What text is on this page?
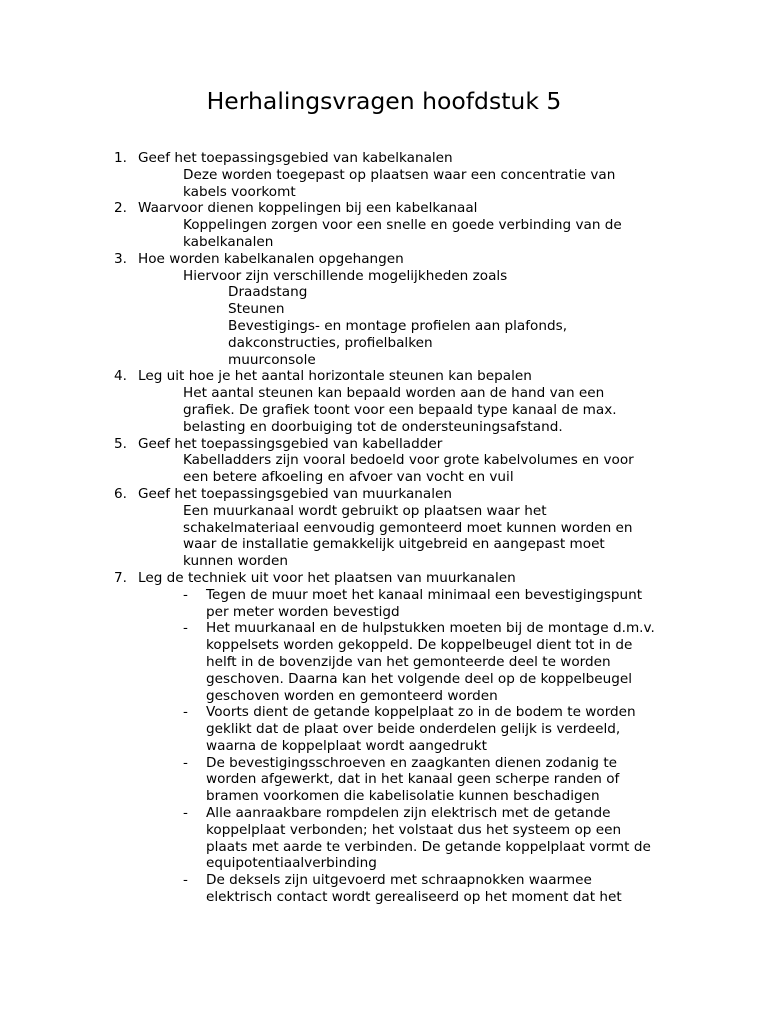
Herhalingsvragen hoofdstuk 5
1. Geef het toepassingsgebied van kabelkanalen
Deze worden toegepast op plaatsen waar een concentratie van
kabels voorkomt
2. Waarvoor dienen koppelingen bij een kabelkanaal
Koppelingen zorgen voor een snelle en goede verbinding van de
kabelkanalen
3. Hoe worden kabelkanalen opgehangen
Hiervoor zijn verschillende mogelijkheden zoals
Draadstang
Steunen
Bevestigings- en montage profielen aan plafonds,
dakconstructies, profielbalken
muurconsole
4. Leg uit hoe je het aantal horizontale steunen kan bepalen
Het aantal steunen kan bepaald worden aan de hand van een
grafiek. De grafiek toont voor een bepaald type kanaal de max.
belasting en doorbuiging tot de ondersteuningsafstand.
5. Geef het toepassingsgebied van kabelladder
Kabelladders zijn vooral bedoeld voor grote kabelvolumes en voor
een betere afkoeling en afvoer van vocht en vuil
6. Geef het toepassingsgebied van muurkanalen
Een muurkanaal wordt gebruikt op plaatsen waar het
schakelmateriaal eenvoudig gemonteerd moet kunnen worden en
waar de installatie gemakkelijk uitgebreid en aangepast moet
kunnen worden
7. Leg de techniek uit voor het plaatsen van muurkanalen
- Tegen de muur moet het kanaal minimaal een bevestigingspunt
per meter worden bevestigd
- Het muurkanaal en de hulpstukken moeten bij de montage d.m.v.
koppelsets worden gekoppeld. De koppelbeugel dient tot in de
helft in de bovenzijde van het gemonteerde deel te worden
geschoven. Daarna kan het volgende deel op de koppelbeugel
geschoven worden en gemonteerd worden
- Voorts dient de getande koppelplaat zo in de bodem te worden
geklikt dat de plaat over beide onderdelen gelijk is verdeeld,
waarna de koppelplaat wordt aangedrukt
- De bevestigingsschroeven en zaagkanten dienen zodanig te
worden afgewerkt, dat in het kanaal geen scherpe randen of
bramen voorkomen die kabelisolatie kunnen beschadigen
- Alle aanraakbare rompdelen zijn elektrisch met de getande
koppelplaat verbonden; het volstaat dus het systeem op een
plaats met aarde te verbinden. De getande koppelplaat vormt de
equipotentiaalverbinding
- De deksels zijn uitgevoerd met schraapnokken waarmee
elektrisch contact wordt gerealiseerd op het moment dat het
